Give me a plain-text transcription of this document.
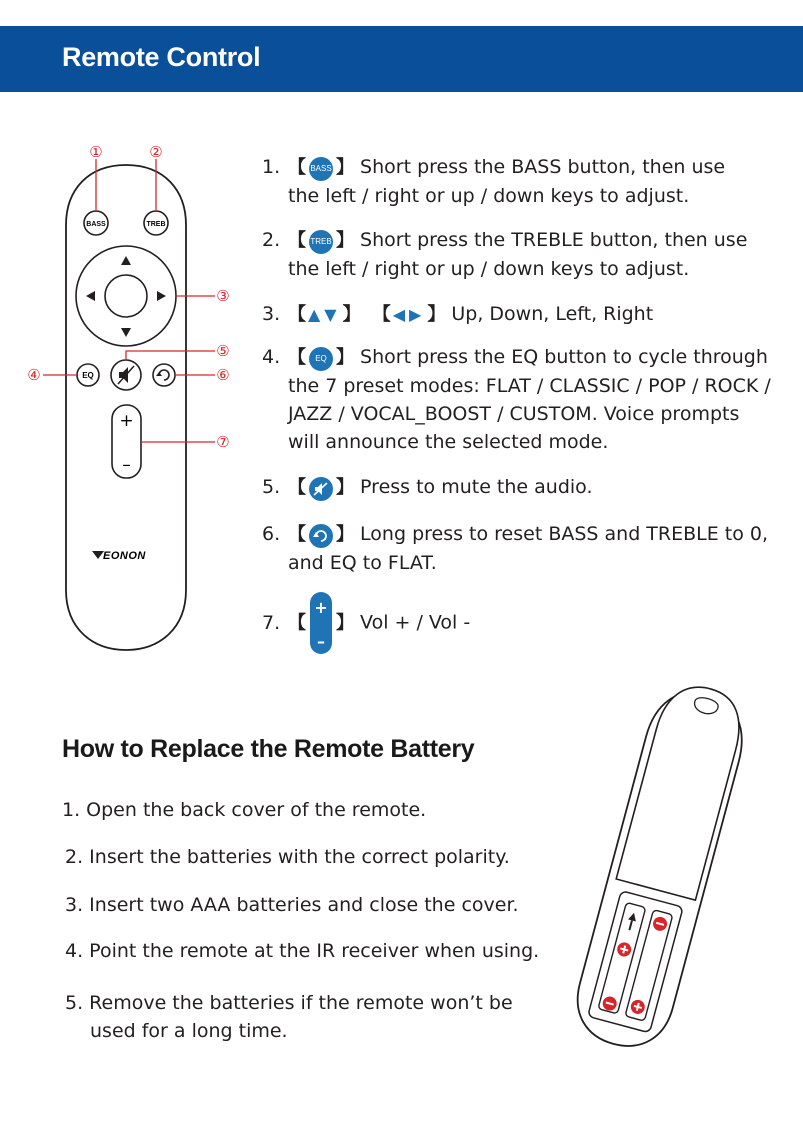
Remote Control
BASS	TREB
EQ
+
–
EONON
①	②
③
④
⑤
⑥
⑦
1. 【 BASS 】 Short press the BASS button, then use
the left / right or up / down keys to adjust.
2. 【 TREB 】 Short press the TREBLE button, then use
the left / right or up / down keys to adjust.
3. 【 ▲▼ 】 【 ◀▶ 】 Up, Down, Left, Right
4. 【 EQ 】 Short press the EQ button to cycle through
the 7 preset modes: FLAT / CLASSIC / POP / ROCK /
JAZZ / VOCAL_BOOST / CUSTOM. Voice prompts
will announce the selected mode.
5. 【 】 Press to mute the audio.
6. 【 】 Long press to reset BASS and TREBLE to 0,
and EQ to FLAT.
7. 【
+
–
】 Vol + / Vol -
How to Replace the Remote Battery
1. Open the back cover of the remote.
2. Insert the batteries with the correct polarity.
3. Insert two AAA batteries and close the cover.
4. Point the remote at the IR receiver when using.
5. Remove the batteries if the remote won’t be
used for a long time.
